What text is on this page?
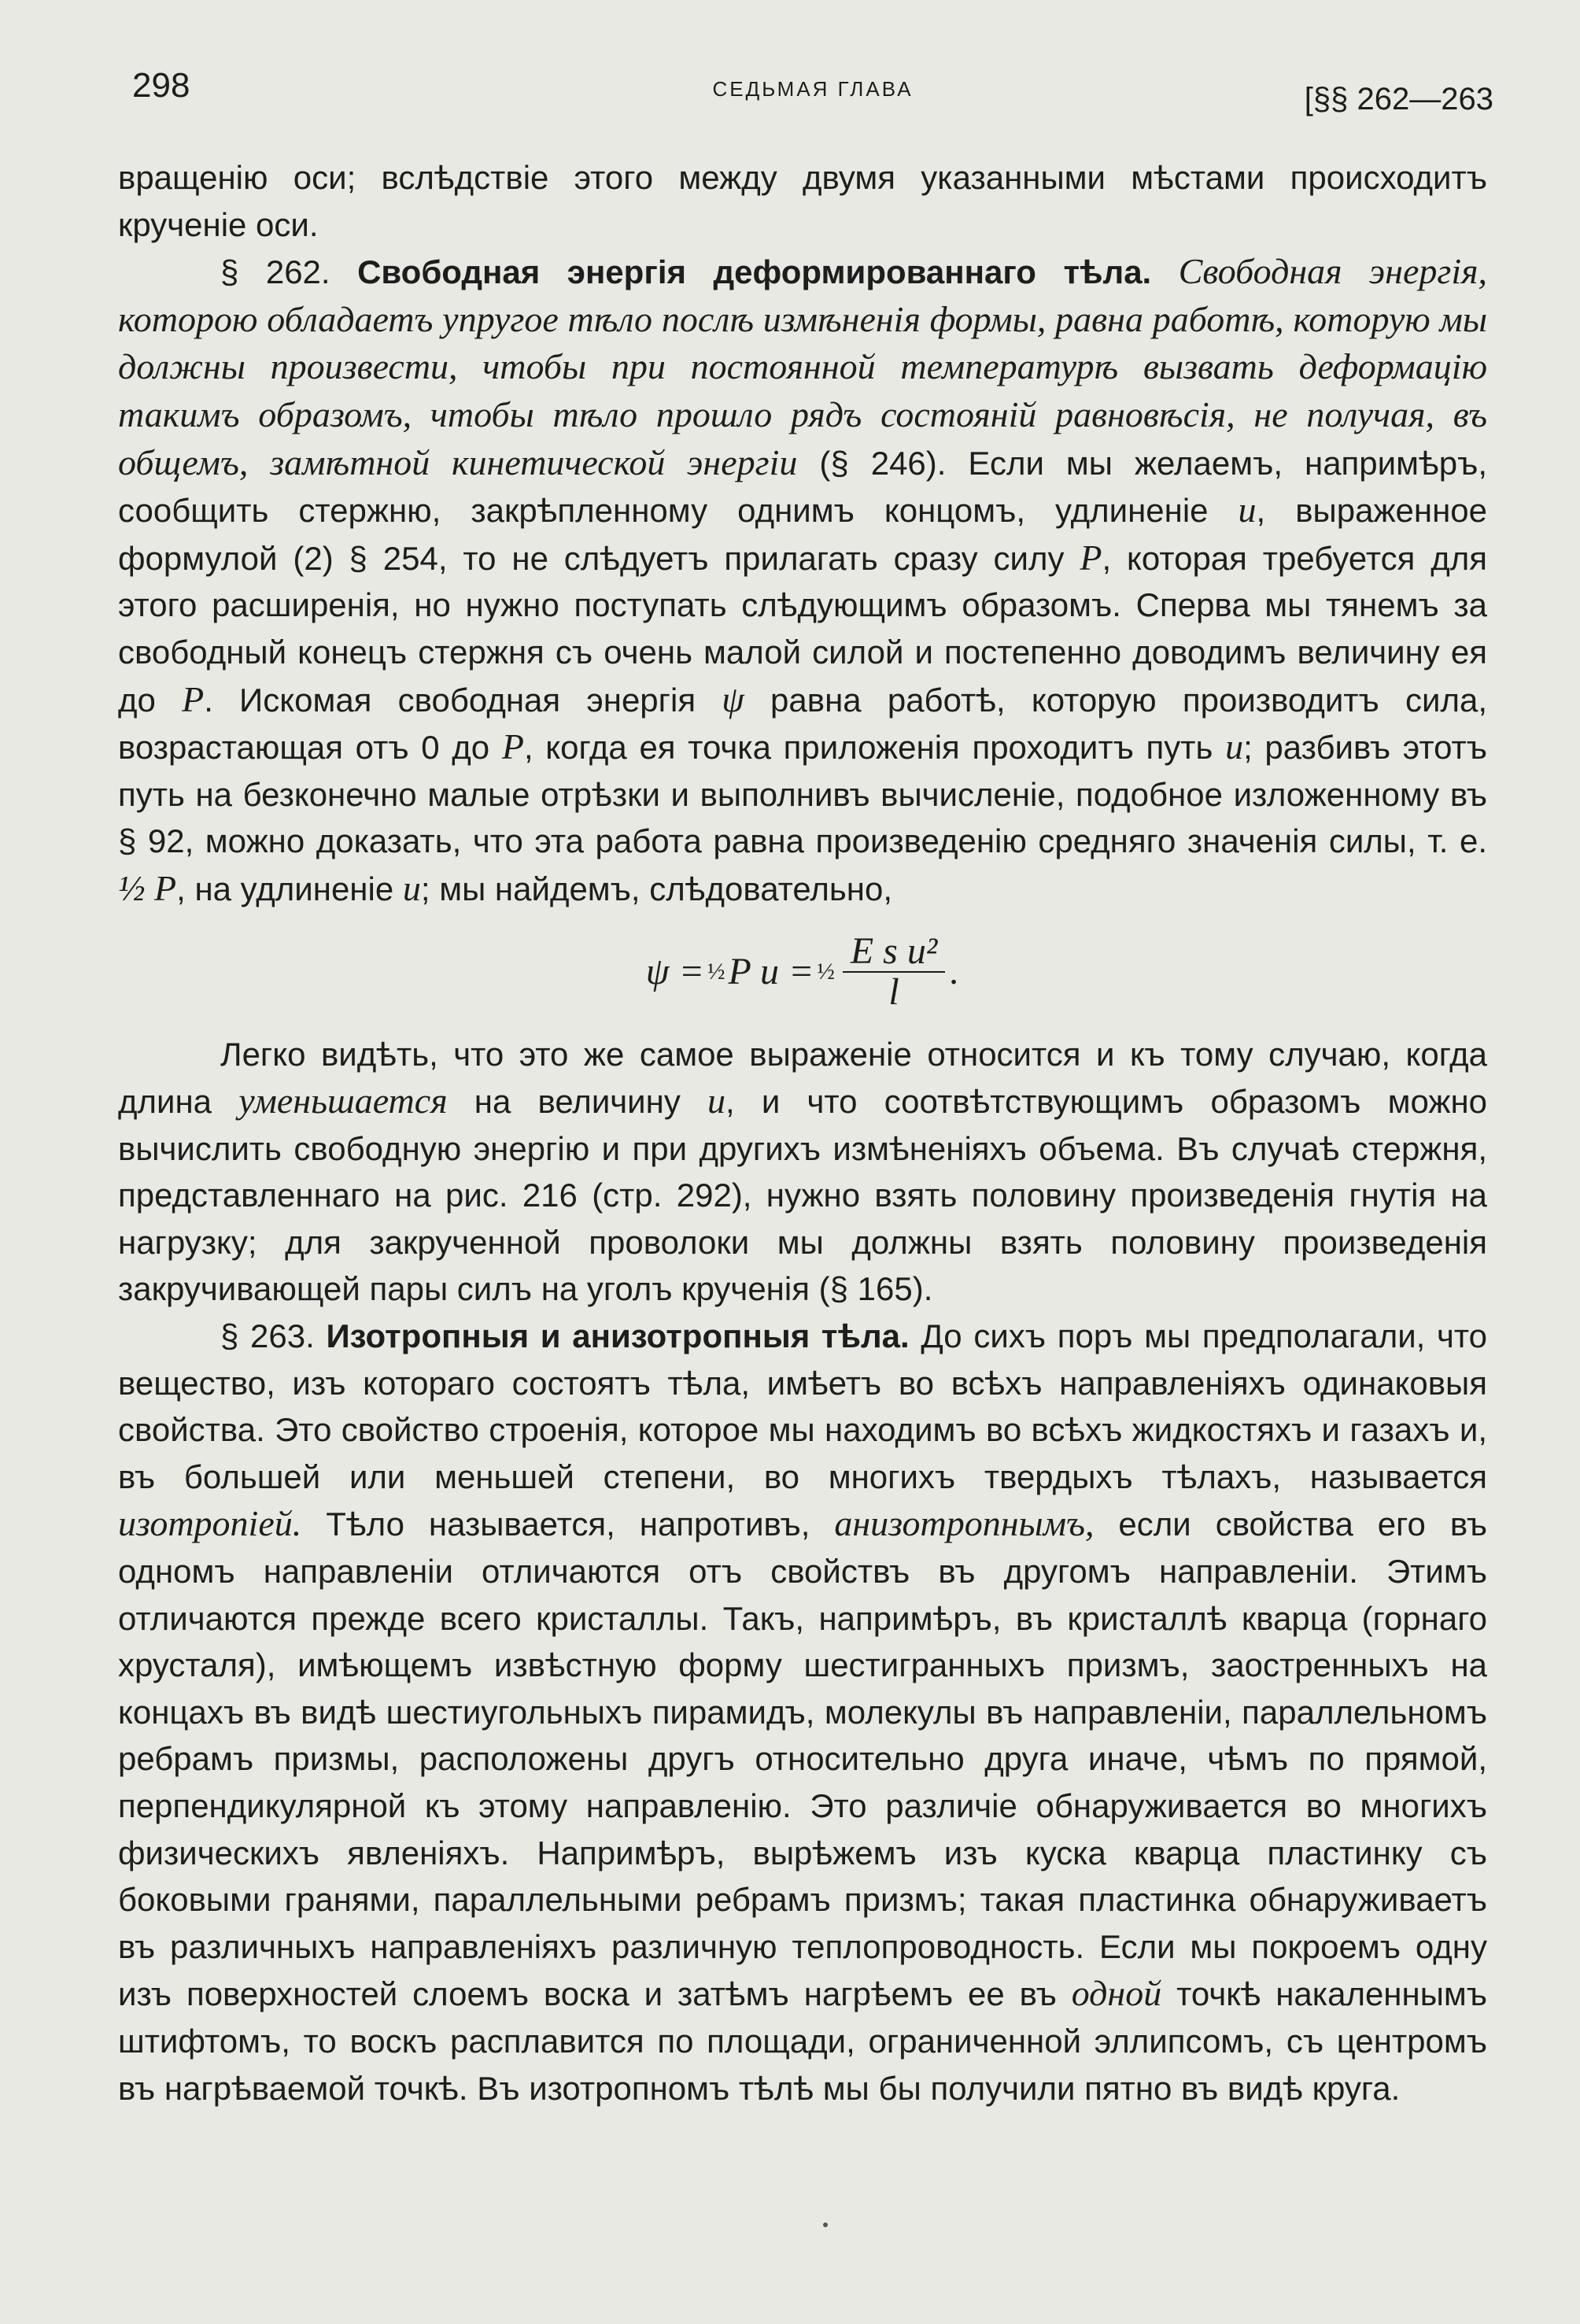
298	СЕДЬМАЯ ГЛАВА	[§§ 262—263

вращенію оси; вслѣдствіе этого между двумя указанными мѣстами происходитъ крученіе оси.

§ 262. Свободная энергія деформированнаго тѣла. Свободная энергія, которою обладаетъ упругое тѣло послѣ измѣненія формы, равна работѣ, которую мы должны произвести, чтобы при постоянной температурѣ вызвать деформацію такимъ образомъ, чтобы тѣло прошло рядъ состояній равновѣсія, не получая, въ общемъ, замѣтной кинетической энергіи (§ 246). Если мы желаемъ, напримѣръ, сообщить стержню, закрѣпленному однимъ концомъ, удлиненіе u, выраженное формулой (2) § 254, то не слѣдуетъ прилагать сразу силу P, которая требуется для этого расширенія, но нужно поступать слѣдующимъ образомъ. Сперва мы тянемъ за свободный конецъ стержня съ очень малой силой и постепенно доводимъ величину ея до P. Искомая свободная энергія ψ равна работѣ, которую производитъ сила, возрастающая отъ 0 до P, когда ея точка приложенія проходитъ путь u; разбивъ этотъ путь на безконечно малые отрѣзки и выполнивъ вычисленіе, подобное изложенному въ § 92, можно доказать, что эта работа равна произведенію средняго значенія силы, т. е. ½ P, на удлиненіе u; мы найдемъ, слѣдовательно,

ψ = ½ P u = ½ $\frac{\text{E s u²}}{l}$ .

Легко видѣть, что это же самое выраженіе относится и къ тому случаю, когда длина уменьшается на величину u, и что соотвѣтствующимъ образомъ можно вычислить свободную энергію и при другихъ измѣненіяхъ объема. Въ случаѣ стержня, представленнаго на рис. 216 (стр. 292), нужно взять половину произведенія гнутія на нагрузку; для закрученной проволоки мы должны взять половину произведенія закручивающей пары силъ на уголъ крученія (§ 165).

§ 263. Изотропныя и анизотропныя тѣла. До сихъ поръ мы предполагали, что вещество, изъ котораго состоятъ тѣла, имѣетъ во всѣхъ направленіяхъ одинаковыя свойства. Это свойство строенія, которое мы находимъ во всѣхъ жидкостяхъ и газахъ и, въ большей или меньшей степени, во многихъ твердыхъ тѣлахъ, называется изотропіей. Тѣло называется, напротивъ, анизотропнымъ, если свойства его въ одномъ направленіи отличаются отъ свойствъ въ другомъ направленіи. Этимъ отличаются прежде всего кристаллы. Такъ, напримѣръ, въ кристаллѣ кварца (горнаго хрусталя), имѣющемъ извѣстную форму шестигранныхъ призмъ, заостренныхъ на концахъ въ видѣ шестиугольныхъ пирамидъ, молекулы въ направленіи, параллельномъ ребрамъ призмы, расположены другъ относительно друга иначе, чѣмъ по прямой, перпендикулярной къ этому направленію. Это различіе обнаруживается во многихъ физическихъ явленіяхъ. Напримѣръ, вырѣжемъ изъ куска кварца пластинку съ боковыми гранями, параллельными ребрамъ призмъ; такая пластинка обнаруживаетъ въ различныхъ направленіяхъ различную теплопроводность. Если мы покроемъ одну изъ поверхностей слоемъ воска и затѣмъ нагрѣемъ ее въ одной точкѣ накаленнымъ штифтомъ, то воскъ расплавится по площади, ограниченной эллипсомъ, съ центромъ въ нагрѣваемой точкѣ. Въ изотропномъ тѣлѣ мы бы получили пятно въ видѣ круга.
